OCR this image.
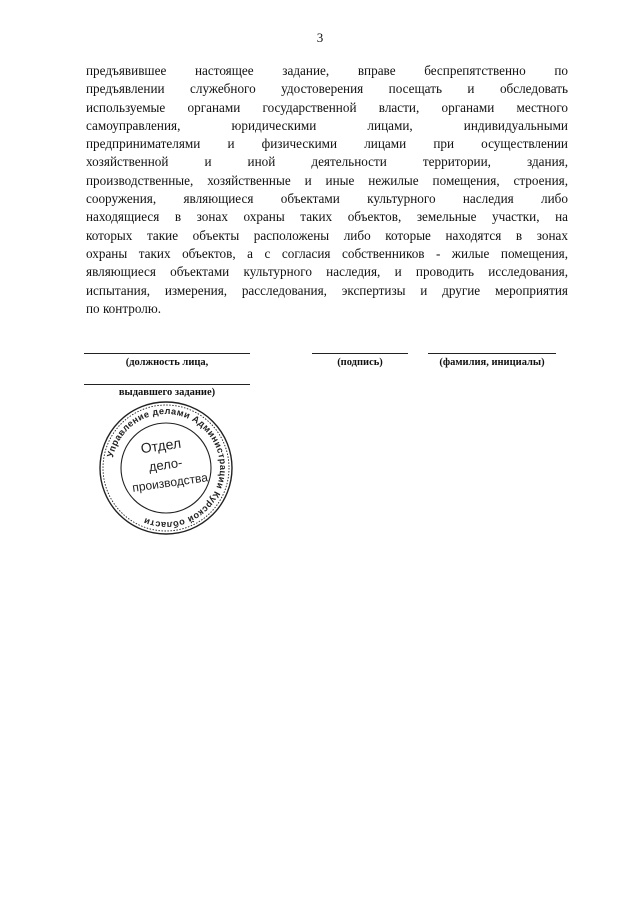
3
предъявившее настоящее задание, вправе беспрепятственно по
предъявлении служебного удостоверения посещать и обследовать
используемые органами государственной власти, органами местного
самоуправления, юридическими лицами, индивидуальными
предпринимателями и физическими лицами при осуществлении
хозяйственной и иной деятельности территории, здания,
производственные, хозяйственные и иные нежилые помещения, строения,
сооружения, являющиеся объектами культурного наследия либо
находящиеся в зонах охраны таких объектов, земельные участки, на
которых такие объекты расположены либо которые находятся в зонах
охраны таких объектов, а с согласия собственников - жилые помещения,
являющиеся объектами культурного наследия, и проводить исследования,
испытания, измерения, расследования, экспертизы и другие мероприятия
по контролю.
(должность лица,	(подпись)	(фамилия, инициалы)
выдавшего задание)
Управление делами Администрации Курской области
Отдел
дело-
производства
